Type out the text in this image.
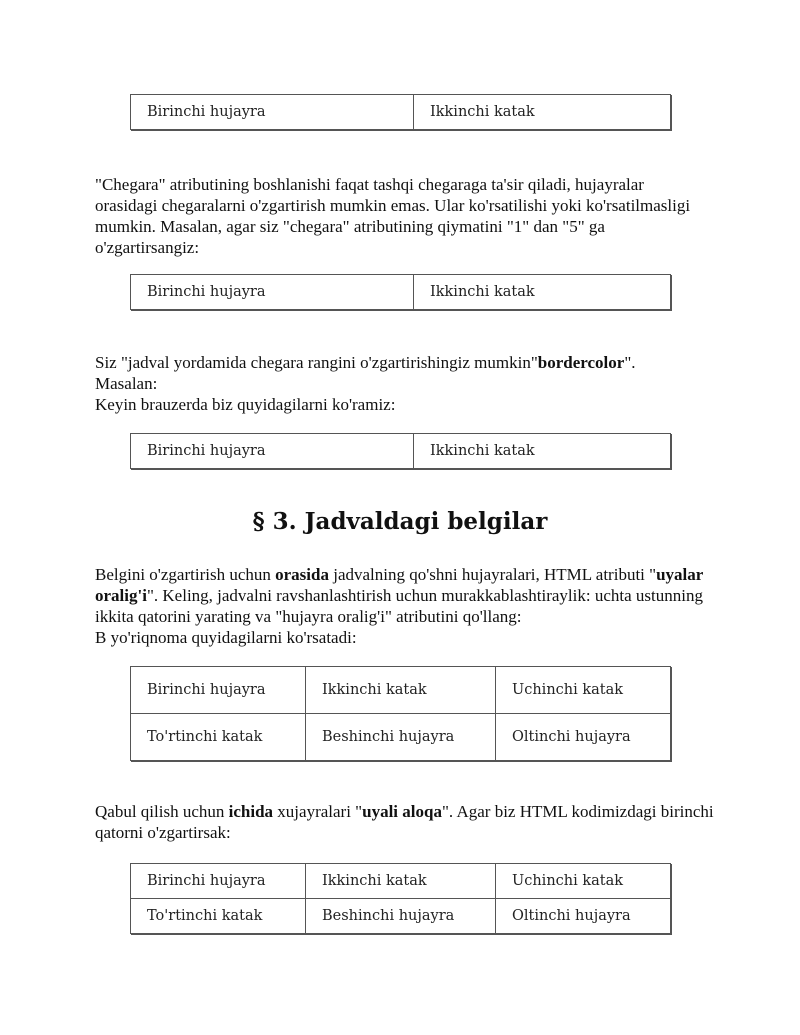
Birinchi hujayra	Ikkinchi katak

"Chegara" atributining boshlanishi faqat tashqi chegaraga ta'sir qiladi, hujayralar orasidagi chegaralarni o'zgartirish mumkin emas. Ular ko'rsatilishi yoki ko'rsatilmasligi mumkin. Masalan, agar siz "chegara" atributining qiymatini "1" dan "5" ga o'zgartirsangiz:

Birinchi hujayra	Ikkinchi katak
Siz "jadval yordamida chegara rangini o'zgartirishingiz mumkin"bordercolor".
Masalan:
Keyin brauzerda biz quyidagilarni ko'ramiz:
Birinchi hujayra	Ikkinchi katak
§ 3. Jadvaldagi belgilar
Belgini o'zgartirish uchun orasida jadvalning qo'shni hujayralari, HTML atributi "uyalar oralig'i". Keling, jadvalni ravshanlashtirish uchun murakkablashtiraylik: uchta ustunning ikkita qatorini yarating va "hujayra oralig'i" atributini qo'llang:
B yo'riqnoma quyidagilarni ko'rsatadi:
Birinchi hujayra	Ikkinchi katak	Uchinchi katak
To'rtinchi katak	Beshinchi hujayra	Oltinchi hujayra
Qabul qilish uchun ichida xujayralari "uyali aloqa". Agar biz HTML kodimizdagi birinchi qatorni o'zgartirsak:
Birinchi hujayra	Ikkinchi katak	Uchinchi katak
To'rtinchi katak	Beshinchi hujayra	Oltinchi hujayra
